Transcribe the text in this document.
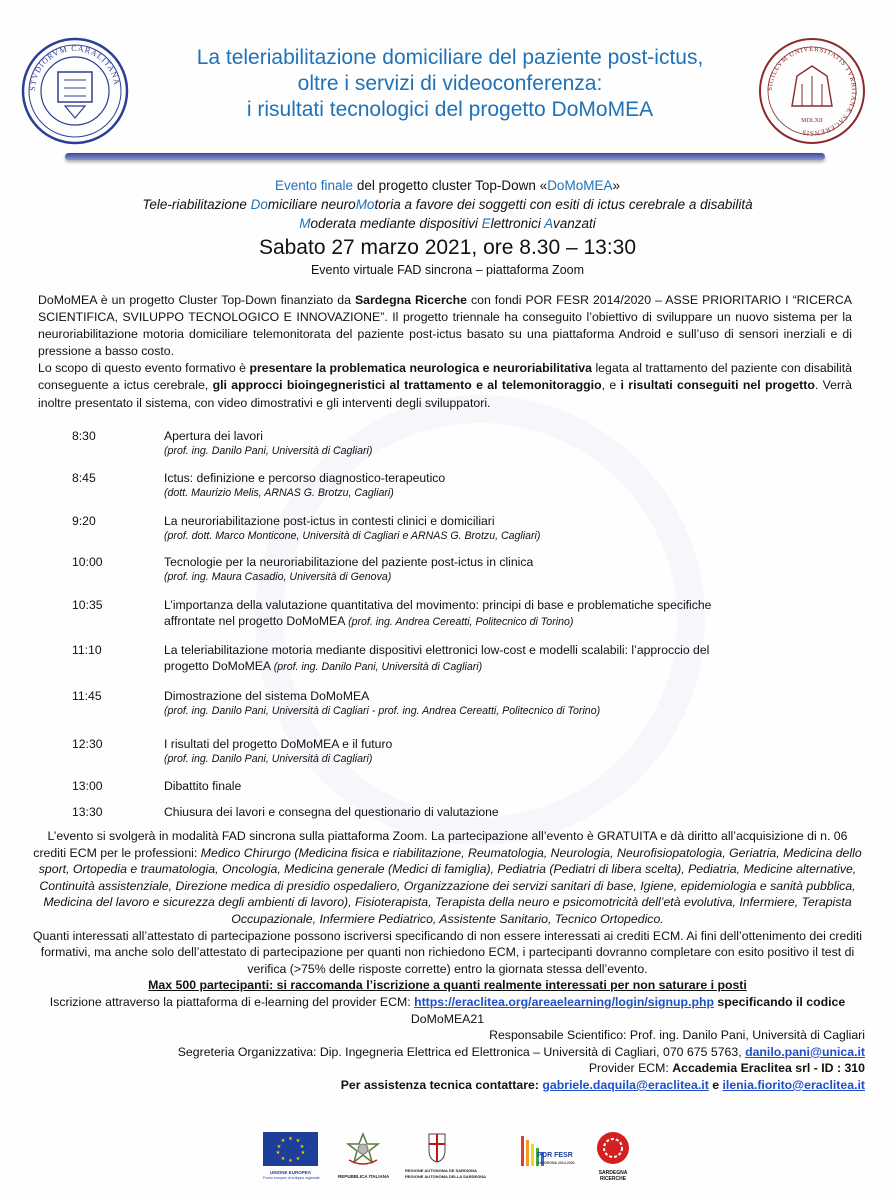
STVDIORVM CARALITANA
SIGILLVM UNIVERSITATIS TVRRITANÆ SACERENSIS
MDLXII
La teleriabilitazione domiciliare del paziente post-ictus,
oltre i servizi di videoconferenza:
i risultati tecnologici del progetto DoMoMEA
Evento finale del progetto cluster Top-Down «DoMoMEA»
Tele-riabilitazione Domiciliare neuroMotoria a favore dei soggetti con esiti di ictus cerebrale a disabilità
Moderata mediante dispositivi Elettronici Avanzati
Sabato 27 marzo 2021, ore 8.30 – 13:30
Evento virtuale FAD sincrona – piattaforma Zoom

DoMoMEA è un progetto Cluster Top-Down finanziato da Sardegna Ricerche con fondi POR FESR 2014/2020 – ASSE PRIORITARIO I “RICERCA SCIENTIFICA, SVILUPPO TECNOLOGICO E INNOVAZIONE”. Il progetto triennale ha conseguito l’obiettivo di sviluppare un nuovo sistema per la neuroriabilitazione motoria domiciliare telemonitorata del paziente post-ictus basato su una piattaforma Android e sull’uso di sensori inerziali e di pressione a basso costo.

Lo scopo di questo evento formativo è presentare la problematica neurologica e neuroriabilitativa legata al trattamento del paziente con disabilità conseguente a ictus cerebrale, gli approcci bioingegneristici al trattamento e al telemonitoraggio, e i risultati conseguiti nel progetto. Verrà inoltre presentato il sistema, con video dimostrativi e gli interventi degli sviluppatori.

8:30	Apertura dei lavori
(prof. ing. Danilo Pani, Università di Cagliari)
8:45	Ictus: definizione e percorso diagnostico-terapeutico
(dott. Maurizio Melis, ARNAS G. Brotzu, Cagliari)
9:20	La neuroriabilitazione post-ictus in contesti clinici e domiciliari
(prof. dott. Marco Monticone, Università di Cagliari e ARNAS G. Brotzu, Cagliari)
10:00	Tecnologie per la neuroriabilitazione del paziente post-ictus in clinica
(prof. ing. Maura Casadio, Università di Genova)
10:35	L’importanza della valutazione quantitativa del movimento: principi di base e problematiche specifiche
affrontate nel progetto DoMoMEA (prof. ing. Andrea Cereatti, Politecnico di Torino)
11:10	La teleriabilitazione motoria mediante dispositivi elettronici low-cost e modelli scalabili: l’approccio del
progetto DoMoMEA (prof. ing. Danilo Pani, Università di Cagliari)
11:45	Dimostrazione del sistema DoMoMEA
(prof. ing. Danilo Pani, Università di Cagliari - prof. ing. Andrea Cereatti, Politecnico di Torino)
12:30	I risultati del progetto DoMoMEA e il futuro
(prof. ing. Danilo Pani, Università di Cagliari)
13:00	Dibattito finale
13:30	Chiusura dei lavori e consegna del questionario di valutazione

L’evento si svolgerà in modalità FAD sincrona sulla piattaforma Zoom. La partecipazione all’evento è GRATUITA e dà diritto all’acquisizione di n. 06 crediti ECM per le professioni: Medico Chirurgo (Medicina fisica e riabilitazione, Reumatologia, Neurologia, Neurofisiopatologia, Geriatria, Medicina dello sport, Ortopedia e traumatologia, Oncologia, Medicina generale (Medici di famiglia), Pediatria (Pediatri di libera scelta), Pediatria, Medicine alternative, Continuità assistenziale, Direzione medica di presidio ospedaliero, Organizzazione dei servizi sanitari di base, Igiene, epidemiologia e sanità pubblica, Medicina del lavoro e sicurezza degli ambienti di lavoro), Fisioterapista, Terapista della neuro e psicomotricità dell’età evolutiva, Infermiere, Terapista Occupazionale, Infermiere Pediatrico, Assistente Sanitario, Tecnico Ortopedico.

Quanti interessati all’attestato di partecipazione possono iscriversi specificando di non essere interessati ai crediti ECM. Ai fini dell’ottenimento dei crediti formativi, ma anche solo dell’attestato di partecipazione per quanti non richiedono ECM, i partecipanti dovranno completare con esito positivo il test di verifica (>75% delle risposte corrette) entro la giornata stessa dell’evento.

Max 500 partecipanti: si raccomanda l’iscrizione a quanti realmente interessati per non saturare i posti

Iscrizione attraverso la piattaforma di e-learning del provider ECM: https://eraclitea.org/areaelearning/login/signup.php specificando il codice DoMoMEA21

Responsabile Scientifico: Prof. ing. Danilo Pani, Università di Cagliari

Segreteria Organizzativa: Dip. Ingegneria Elettrica ed Elettronica – Università di Cagliari, 070 675 5763, danilo.pani@unica.it

Provider ECM: Accademia Eraclitea srl - ID : 310

Per assistenza tecnica contattare: gabriele.daquila@eraclitea.it e ilenia.fiorito@eraclitea.it

★ ★
★
★
★
★
★
★
★
★
UNIONE EUROPEA
Fondo europeo di sviluppo regionale	REPUBBLICA ITALIANA
REGIONE AUTONOMA DE SARDIGNA
REGIONE AUTONOMA DELLA SARDEGNA
POR FESR
SARDEGNA 2014-2020
SARDEGNA
RICERCHE
